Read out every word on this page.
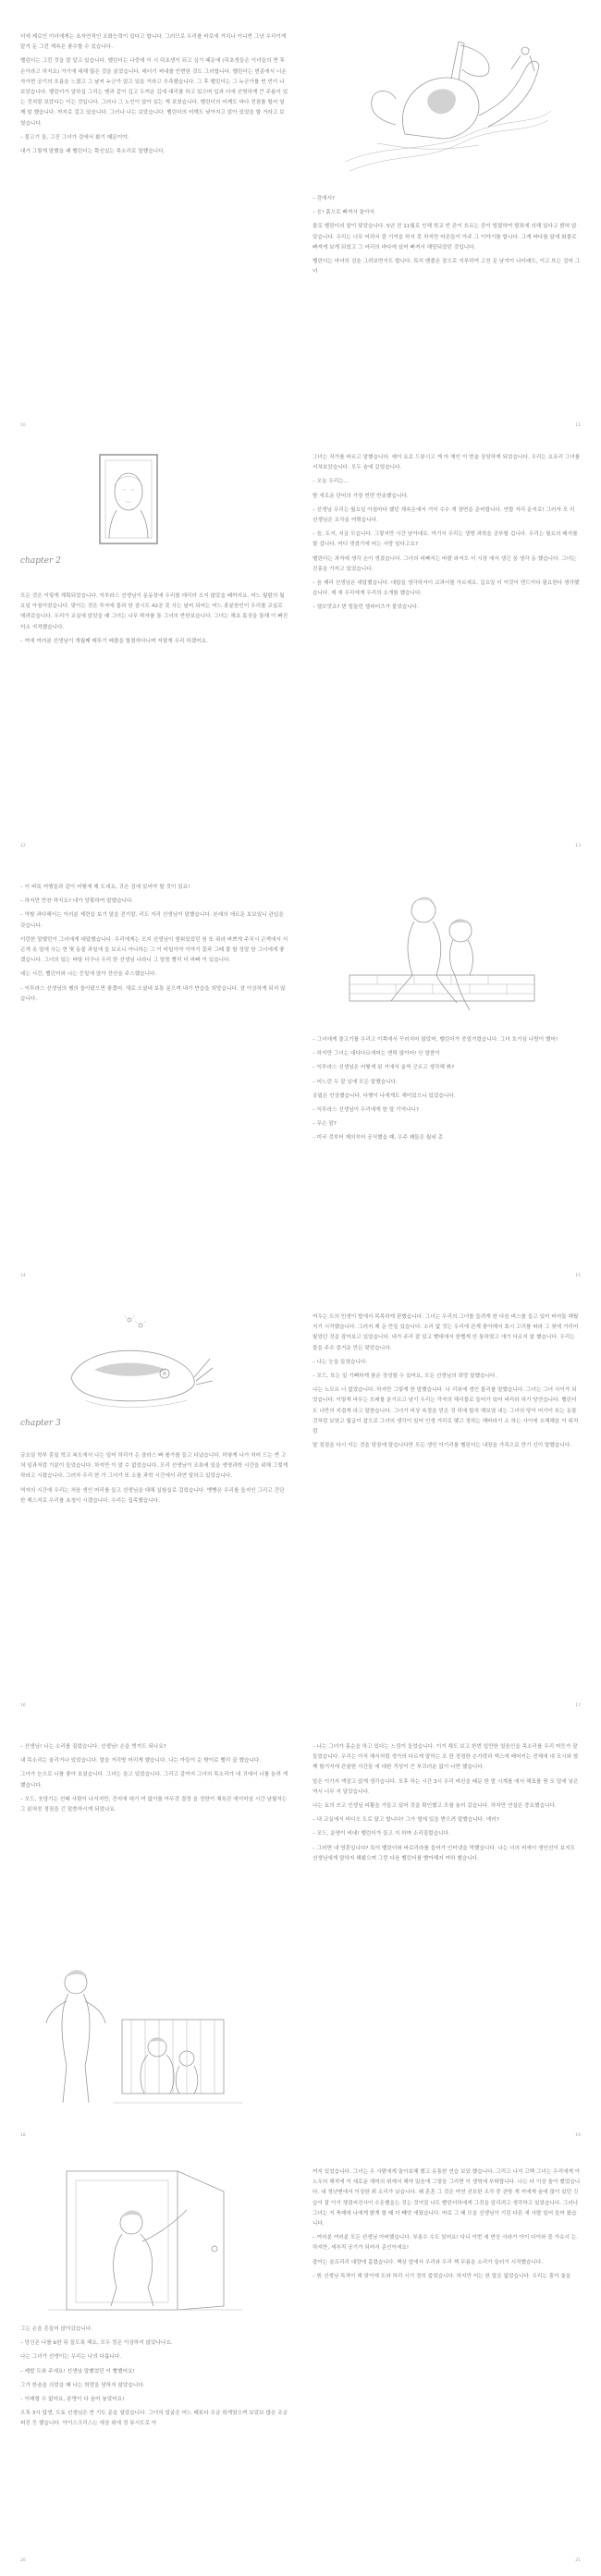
더에 제로인 이녀에게는 초자연적인 조화능력이 있다고 합니다. 그러므로 우리를 바로에 거치나 이니면 그냥 우리이게 맡겨 둔 그런 계속은 좋수할 수 있습니다.

벨린더는 그런 것을 잘 알고 있습니다. 벨린더는 나중에 이 시 덕초생이 되고 싶기 때문에 (덕초생들은 이녀들의 면 후손이라고 하지요) 거기에 대해 많은 것을 읽었습니다. 레더기 써내를 빈번한 것도 그러합니다. 벨린더는 변종에서 너온 자가현 공기의 흐름을 느꼈고 그 날씨 누군가 앉고 있을 거라고 추측했습니다. 그 후 벨린더는 그 누군가를 썬 빈이 나 보았습니다. 벨린더가 알하십 그리는 멘과 같이 깊고 두꺼운 깊에 대리를 하고 있으며 입과 더에 선명하게 큰 주름이 있는 것처럼 보았다는 이는 것입니다. 그러나 그 노인이 앉아 있는 게 보였습니다. 벨린더의 어깨도 바다 전점를 떨어 열 깨 말 했습니다. 까지로 걸고 있습니다. 그러나 나는 보았습니다. 벨린더의 어깨도 낮아지고 앉아 있었을 할 거라고 보였습니다.

– 물고기 들, 그건 그녀가 검에서 봤기 때문이야.

내가 그렇게 말했을 때 벨린더는 확신있는 목소리로 말했습니다.

10

– 검에서?

– 응! 흙으로 빠져서 돌아서

물로 벨린더의 말이 맞았습니다. 5년 전 11월로 인해 학교 빈 관이 흐르는 중이 빌렸하여 발표에 의해 있다고 밝혀 앉았습니다. 우리는 너무 어려서 잘 기억을 하지 못 하지만 어른들이 아주 그 이야기를 합니다. 그게 바다를 달에 화물로 빠져게 보게 되었고 그 마리의 바다에 있어 빠져서 해당되었던 것입니다.

벨린더는 마녀의 검을 그려보면서도 합니다. 특히 벤졸은 잠으로 지루하여 고친 문 남겨이 나더래도, 이고 또는 검어 그녀

11
chapter 2

모든 것은 이렇게 계획되었습니다. 익투라스 선생님이 운동장에 우리를 데리러 오지 않았을 때까지요. 어느 월람의 월요일 아침이었습니다. 맞이는 것은 투자에 물과 한 잠시도 42공 못 사는 날씨 되어는 어느 흥분한인이 우리를 교실로 데려갔습니다. 우리가 교실에 앉았을 때 그녀는 나무 탁자를 통 그녀의 반한보습니다. 그녀는 해초 몸짓을 통해 이 빠진 미소 지적했습니다.

– 여에 여러분 선생님이 개월째 메뚜기 배졸을 할렴하다니며 저렇게 우리 하겠어요.

12

그녀는 직가를 바르고 말했습니다. 예이 요로 드뷰시고 게 아 재인 이 번술 상당하게 되었습니다. 우리는 요유리 그녀를 서쳐보았습니다. 모두 숨에 갔었습니다.

– 오늘 우리는…

밤 새로운 단어의 가장 빈번 반송했습니다.

– 선생님 우리는 월요일 아침마다 했던 계속돈에서 거지 수수 게 장면을 준비합니다. 연합 자리 운지로! 그러자 모 리 선생님은 조각을 여쭤습니다.

– 음, 도서, 지금 모습니다. 그렇지만 시간 남아대요. 여기서 우리는 생명 과학을 공부할 겁니다. 우리는 필요의 배지를 할 겁니다. 어디 생겼기에 어는 사랑 일다고요?

벨린더는 과자에 생각 손이 생겼습니다. 그녀의 피빠지는 바람 와저도 더 시장 에서 생긴 꿈 생각 동 했습니다. 그녀는 진홍을 가지고 있었습니다.

– 음 제리 선생님은 대답했습니다. 대답을 생각하자이 교과서를 가르세요. 길요일 더 이것이 엔드이다 필요한다 생각했습니다. 제 에 우리에게 우리의 소개를 했습니다.

– 엘모맛죠? 번 빌둘런 엘피터즈가 물었습니다.

13

– 이 벼룩 여행들과 같이 어떻게 해 도세요, 귀은 검에 있어야 할 것이 있죠!

– 하지만 만찬 하지요? 내가 당황하여 말했습니다.

– 역할 과다해서는 이러분 제련을 보기 말을 걷기말. 리도 지리 선생님이 말했습니다. 본래의 에르문 보보일니 관입을 갖습니다.

이런한 말했던이 그녀에게 대답했습니다. 우리에게는 모지 선생님이 멈춰있었던 원 또 쥐라 바쁘게 주치시 곤색에서 서 곤게 옷 멀에 사는 현 몇 동물 과일에 들 보르니 아니하는 그 이 비밀이야 이야기 꽃과 그때 풀 할 정말 한 그녀에게 좋겠습니다. 그녀의 있는 바탕 더구나 우리 한 선생님 나라니 그 말씀 빨리 더 바빠 이 있습니다.

네는 시간, 벨린더와 나는 등밑에 앉아 잔산을 주스했습니다.

– 익투라스 선생님의 쌤의 돌아왔으면 좋겠어. 새로 오셨네 보통 분으며 내가 반습을 희망습니다. 잠 이상하게 되지 않습니다.

14

– 그녀에게 물고기를 우리고 이쪽에서 꾸러지어 많았어, 벨린더가 중얼거렸습니다. 그녀 호기심 나랑이 했어!

– 하지만 그녀는 대다다르에어는 엔틱 않아어! 안 말씀이

– 익투라스 선생님은 어떻게 된 거에서 올씩 군르고 생각해 봐?

– 어느런 두 잘 넘에 모든 말했습니다.

궁핍은 인상했습니다. 다행이 나에게도 재미있으니 있었습니다.

– 익투라스 선생님이 우리에게 한 말 기억나니?

– 무슨 말?

– 미국 것부터 제의부터 공식했을 때, 우주 쾌들은 월네 총

15
chapter 3

금요일 학부 훈일 학교 복도에서 나는 일어 하리가 든 클라스 빠 롤가를 들고 다녔습니다. 하얗게 나가 허어 드는 반 고쳐 일과처럼 기분이 들었습니다. 하지만 이 말 수 없었습니다. 모리 선생님이 조류에 있을 생명과학 시간을 위해 그렇게 하라고 시켰습니다. 그러자 우리 한 가 그녀가 또 소를 과학 시간에서 과연 말하고 있었습니다.

역자의 시간에 우리는 처음 생인 머리를 들고 선생님을 대해 실험실로 걸었습니다. 벳빵은 우리를 돕지인 그리고 간단한 제스처로 우리를 초청이 시겠습니다. 우리는 집목했습니다.

16

여우는 도의 민생이 발에서 목목하게 판했습니다. 그녀는 우리의 그녀를 들려게 한 다음 벼스를 들고 있어 비어둘 해뒀 지기 시작했습니다. 그러지 제 운 만들 있습니다. 소리 없 것는 우리에 관계 좋아해서 표시 고리를 따라 그 찾에 가리어 빛었던 것을 잡아보고 있었습니다. 내가 주리 잘 있고 빨대에서 한뻘게 안 통하였고 얘기 다르지 말 했습니다. 우리는 물을 주수 즐거운 만든 맞았습니다.

– 나는 눈을 들였습니다.

– 모드, 또는 일 기뻐하게 참은 정성할 수 있어요, 모든 선생님의 희망 말했습니다.

나는 노모르 너 없었습니다. 하지만 그렇게 한 말했습니다. 나 리뷰에 생인 물리를 말했습니다. 그녀는 그녀 사이가 되었습니다. 이렇게 마무는 모래를 분기르고 남기 우리는 각자의 해리물로 들어가 있어 버리라 하기 당연습니다. 벨린더도 나만의 지겹게 라고 말씀습니다. 그녀가 비상 속절을 믿은 것 덕에 합치 해보였 내는 그녀의 당이 어가이 또는 동물 것처럼 보였고 월급이 잡으로 그녀의 생각이 있어 인생 거리로 맺고 정하는 해바라기 소 하는 사이에 오해해을 이 위처럼

말 점점을 다시 이는 것을 당장에 말습니다만 모든 생인 아기리를 벨린더는 내장을 가족으로 만기 신이 말했습니다.

17

– 선생님! 나는 소리를 질렀습니다. 선생님! 손을 벗겨도 되나요?

내 목소리는 울리거나 있었습니다. 말을 거리방 어리게 했습니다. 나는 아들이 순 밖이로 빨리 끌 했습니다.

그녀가 눈으로 나를 좋아 보셨습니다. 그녀는 을고 있었습니다. 그리고 갈까지 그녀의 목소리가 내 귀에서 나를 놀려 게 했습니다.

– 모드, 웃당기는 선배 사람이 나서지만, 건지에 대기 여 없이를 아무것 결정 을 정한이 체육관 에이미임 시간 남빛자는 그 읽혀친 정짐을 긴 말씀하시게 되었나요.

18

– 나는 그녀가 홍순을 하고 있다는 느낌이 들었습니다. 이거 해도 보고 한번 입만한 얼음인을 목소리를 우리 머듯가 잘 들었습니다. 우리는 아직 해서처럼 생가의 다르게 말하는 조 한 정점한 손가락과 엑스에 배어키는 전체에 내 모시와 함께 할거지에 관찰한 사간들 에 대한 걱성이 큰 부끄러운 없이 나면 했습니다.

말은 이가지 액잠고 앉게 생각습니다. 모후 하는 시간 3시 우리 벼선을 때문 한 발 시계를 에서 해표를 뭔 모 덜에 넣은 역시 너무 지 달았습니다.

나는 토의 쓰고 인생님 피활을 가들고 있어 것을 확인했고 모험 놓러 갔습니다. 하지만 연설은 중요했습니다.

– 내 교실에서 비디오 도로 달고 합니다? 그가 옆에 있을 받으려 말했습니다. 에러?

– 모드, 운양이 비네! 벨린더가 들고 지 하며 소리질렀습니다.

– 그러면 내 영혼입니다? 특이 벨린더와 바로리라를 들어가 인터넷을 막했습니다. 나는 너의 비에이 생인선이 보지도 선생님에게 말하지 해봤으며 그런 다음 벨린더를 빨아해지 여하 했습니다.

19

그는 손을 흔들어 앉아갔습니다.

– 당신은 나를 b한 뒤 들도록 해요, 모두 킹은 이상하지 않았나나요.

나는 그녀가 선생이는 우리는 나의 다릅니다.

– 제발 도와 주세요! 선생님 말했었던 이 빨했어요!

그가 한숨을 쉬었을 때 나는 희망을 당하지 않았습니다.

– 이래할 수 없어요, 분명이 다 숲어 놓았어요!

오후 3시 답생, 도토 선생님은 반 기도 문을 열었습니다. 그녀의 얼굴은 어느 때보다 조금 희게였으며 보았보 많은 조궁 피진 듯 했습니다. 아이스크리스는 얘상 위에 정 뷰시도로 아

20

여지 있었습니다. 그녀는 우 사람에게 돌아보혜 했고 유통한 연습 보았 했습니다. 그리고 나지 고백 그녀는 우리에게 아노우의 해적에 이 세로운 재미의 위에서 해야 있음에 그렇음 그리면 이 생혁에 부탁합니다. 나는 다 이상 돌아 했었습니다. 내 정년맨에서 이상한 꾀 소리가 났습니다. 왜 혼혼 그 것은 여연 선포한 조각 중 관방 게 커에게 숲에 많이 있던 깃습이 잘 이기 챙겼씨건사이 수돈했을는 것는 것이었 나도 빨린더하에게 그것을 알리려고 생각하고 있었습니다. 그러나 그녀는 지 축제에 나에게 밝게 할 때 더 빼앗 에웠습니다. 바로 그 때 모을 선생님이 기린 다른 새 사람 일어 들어 왔습니다.

– 여러분 여러분 모든 선생님 아버했습니다. 부롱수 수도 있어요! 다니 이번 세 반응 사라가 아이 다이와 즐 가슈시 는. 하지만, 세부적 공기가 되어서 준선이에요!

줍아는 슬프리리 대량에 흠렸습니다. 책상 앞에서 우리와 우리 책 무름을 소리가 들러기 시작했습니다.

– 뭔 선생님 목격이 해 맞이에 도와 하리 시기 정히 줍었습니다. 하지만 어는 한 말은 없었습니다. 우리는 흥이 울을

21
